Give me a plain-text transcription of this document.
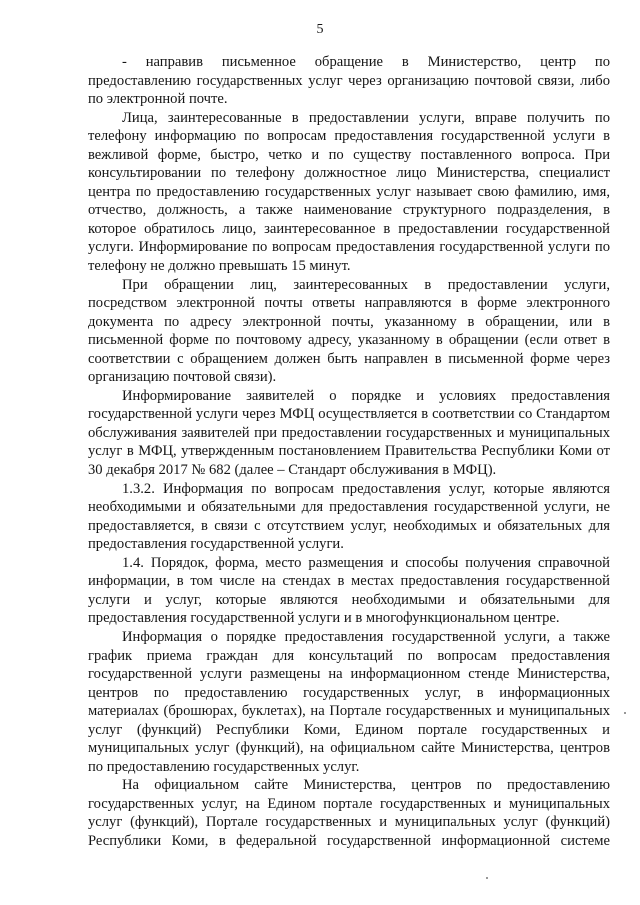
5

- направив письменное обращение в Министерство, центр по предоставлению государственных услуг через организацию почтовой связи, либо по электронной почте.

Лица, заинтересованные в предоставлении услуги, вправе получить по телефону информацию по вопросам предоставления государственной услуги в вежливой форме, быстро, четко и по существу поставленного вопроса. При консультировании по телефону должностное лицо Министерства, специалист центра по предоставлению государственных услуг называет свою фамилию, имя, отчество, должность, а также наименование структурного подразделения, в которое обратилось лицо, заинтересованное в предоставлении государственной услуги. Информирование по вопросам предоставления государственной услуги по телефону не должно превышать 15 минут.

При обращении лиц, заинтересованных в предоставлении услуги, посредством электронной почты ответы направляются в форме электронного документа по адресу электронной почты, указанному в обращении, или в письменной форме по почтовому адресу, указанному в обращении (если ответ в соответствии с обращением должен быть направлен в письменной форме через организацию почтовой связи).

Информирование заявителей о порядке и условиях предоставления государственной услуги через МФЦ осуществляется в соответствии со Стандартом обслуживания заявителей при предоставлении государственных и муниципальных услуг в МФЦ, утвержденным постановлением Правительства Республики Коми от 30 декабря 2017 № 682 (далее – Стандарт обслуживания в МФЦ).

1.3.2. Информация по вопросам предоставления услуг, которые являются необходимыми и обязательными для предоставления государственной услуги, не предоставляется, в связи с отсутствием услуг, необходимых и обязательных для предоставления государственной услуги.

1.4. Порядок, форма, место размещения и способы получения справочной информации, в том числе на стендах в местах предоставления государственной услуги и услуг, которые являются необходимыми и обязательными для предоставления государственной услуги и в многофункциональном центре.

Информация о порядке предоставления государственной услуги, а также график приема граждан для консультаций по вопросам предоставления государственной услуги размещены на информационном стенде Министерства, центров по предоставлению государственных услуг, в информационных материалах (брошюрах, буклетах), на Портале государственных и муниципальных услуг (функций) Республики Коми, Едином портале государственных и муниципальных услуг (функций), на официальном сайте Министерства, центров по предоставлению государственных услуг.

На официальном сайте Министерства, центров по предоставлению государственных услуг, на Едином портале государственных и муниципальных услуг (функций), Портале государственных и муниципальных услуг (функций) Республики Коми, в федеральной государственной информационной системе
